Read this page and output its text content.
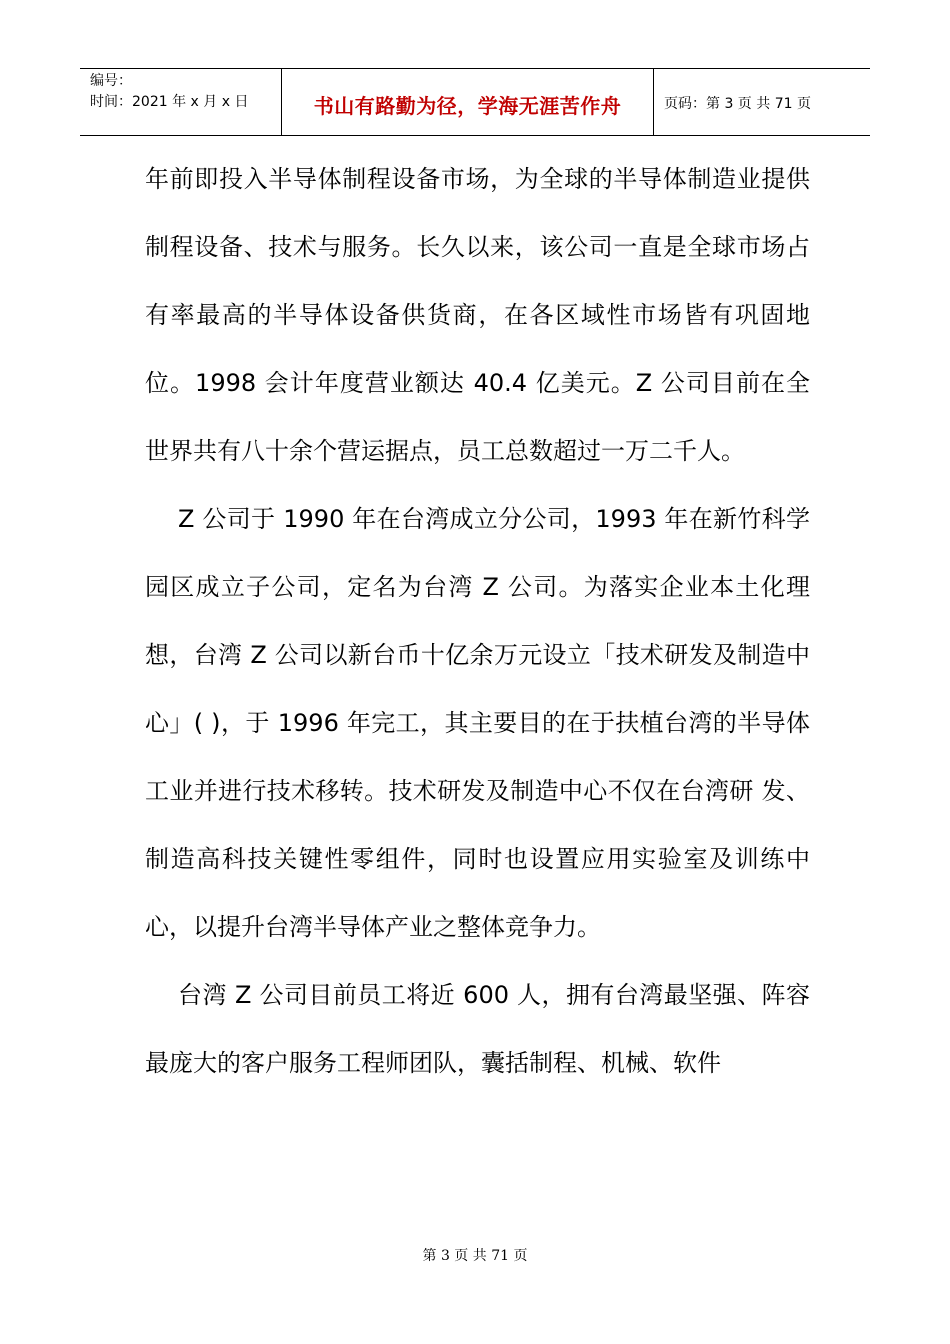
编号：
时间：2021 年 x 月 x 日	书山有路勤为径，学海无涯苦作舟	页码：第 3 页 共 71 页

年前即投入半导体制程设备市场，为全球的半导体制造业提供制程设备、技术与服务。长久以来，该公司一直是全球市场占有率最高的半导体设备供货商，在各区域性市场皆有巩固地位。1998 会计年度营业额达 40.4 亿美元。Z 公司目前在全世界共有八十余个营运据点，员工总数超过一万二千人。

Z 公司于 1990 年在台湾成立分公司，1993 年在新竹科学园区成立子公司，定名为台湾 Z 公司。为落实企业本土化理想，台湾 Z 公司以新台币十亿余万元设立「技术研发及制造中心」( )，于 1996 年完工，其主要目的在于扶植台湾的半导体工业并进行技术移转。技术研发及制造中心不仅在台湾研 发、制造高科技关键性零组件，同时也设置应用实验室及训练中心，以提升台湾半导体产业之整体竞争力。

台湾 Z 公司目前员工将近 600 人，拥有台湾最坚强、阵容最庞大的客户服务工程师团队，囊括制程、机械、软件

第 3 页 共 71 页
